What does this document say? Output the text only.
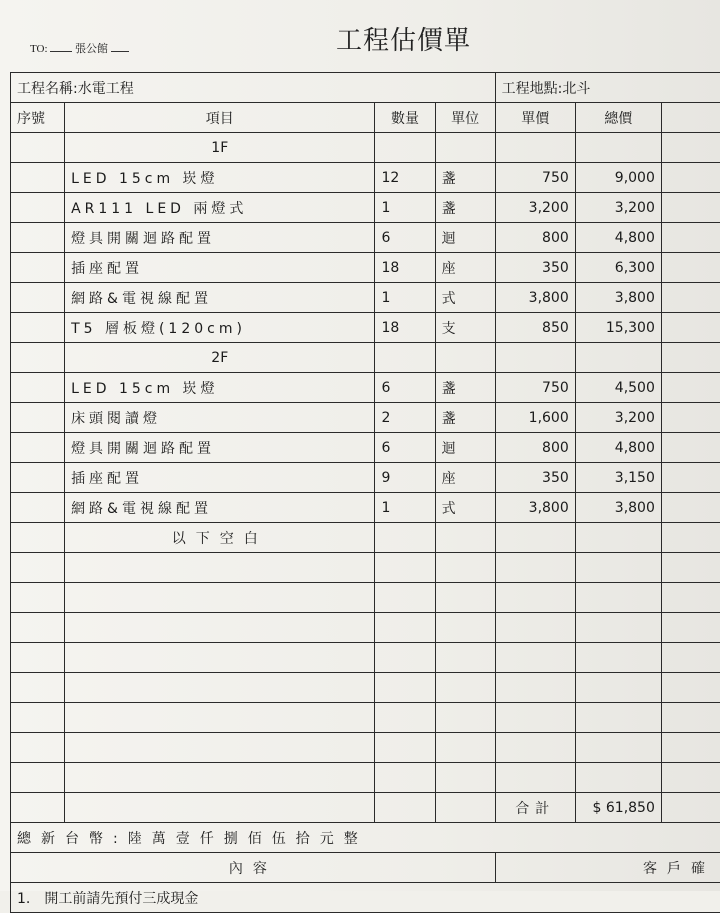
TO:	張公館	工程估價單
工程名稱:水電工程				工程地點:北斗		
序號	項目	數量	單位	單價	總價	
	1F					
	LED 15cm 崁燈	12	盞	750	9,000	
	AR111 LED 兩燈式	1	盞	3,200	3,200	
	燈具開關迴路配置	6	迴	800	4,800	
	插座配置	18	座	350	6,300	
	網路&電視線配置	1	式	3,800	3,800	
	T5 層板燈(120cm)	18	支	850	15,300	
	2F					
	LED 15cm 崁燈	6	盞	750	4,500	
	床頭閱讀燈	2	盞	1,600	3,200	
	燈具開關迴路配置	6	迴	800	4,800	
	插座配置	9	座	350	3,150	
	網路&電視線配置	1	式	3,800	3,800	
	以下空白					

				合計	$ 61,850	
總新台幣:陸萬壹仟捌佰伍拾元整						
內容				客戶確		
1. 開工前請先預付三成現金						
